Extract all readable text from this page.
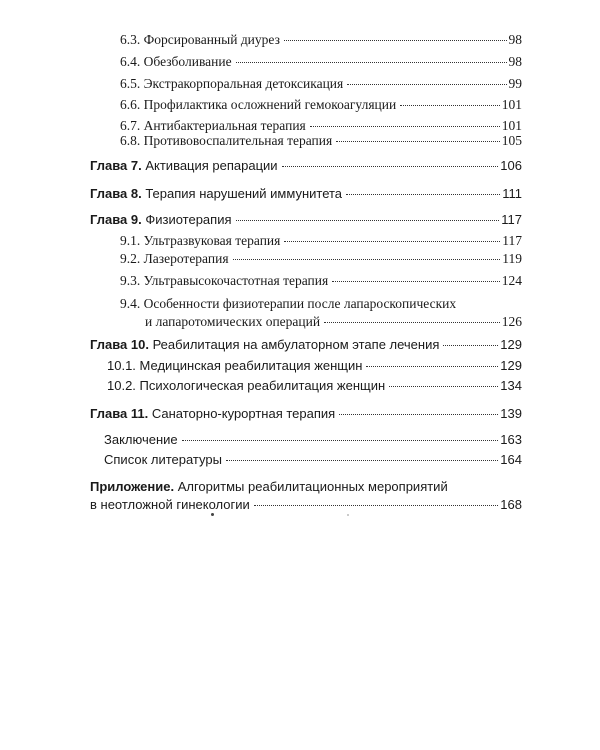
6.3.
Форсированный диурез	98
6.4.
Обезболивание	98
6.5.
Экстракорпоральная детоксикация	99
6.6.
Профилактика осложнений гемокоагуляции	101
6.7.
Антибактериальная терапия	101
6.8.
Противовоспалительная терапия	105
Глава 7.
Активация репарации	106
Глава 8.
Терапия нарушений иммунитета	111
Глава 9.
Физиотерапия	117
9.1.
Ультразвуковая терапия	117
9.2.
Лазеротерапия	119
9.3.
Ультравысокочастотная терапия	124
9.4.
Особенности физиотерапии после лапароскопических
и лапаротомических операций	126
Глава 10.
Реабилитация на амбулаторном этапе лечения	129
10.1.
Медицинская реабилитация женщин	129
10.2.
Психологическая реабилитация женщин	134
Глава 11.
Санаторно-курортная терапия	139
Заключение	163
Список литературы	164
Приложение.
Алгоритмы реабилитационных мероприятий
в неотложной гинекологии	168
